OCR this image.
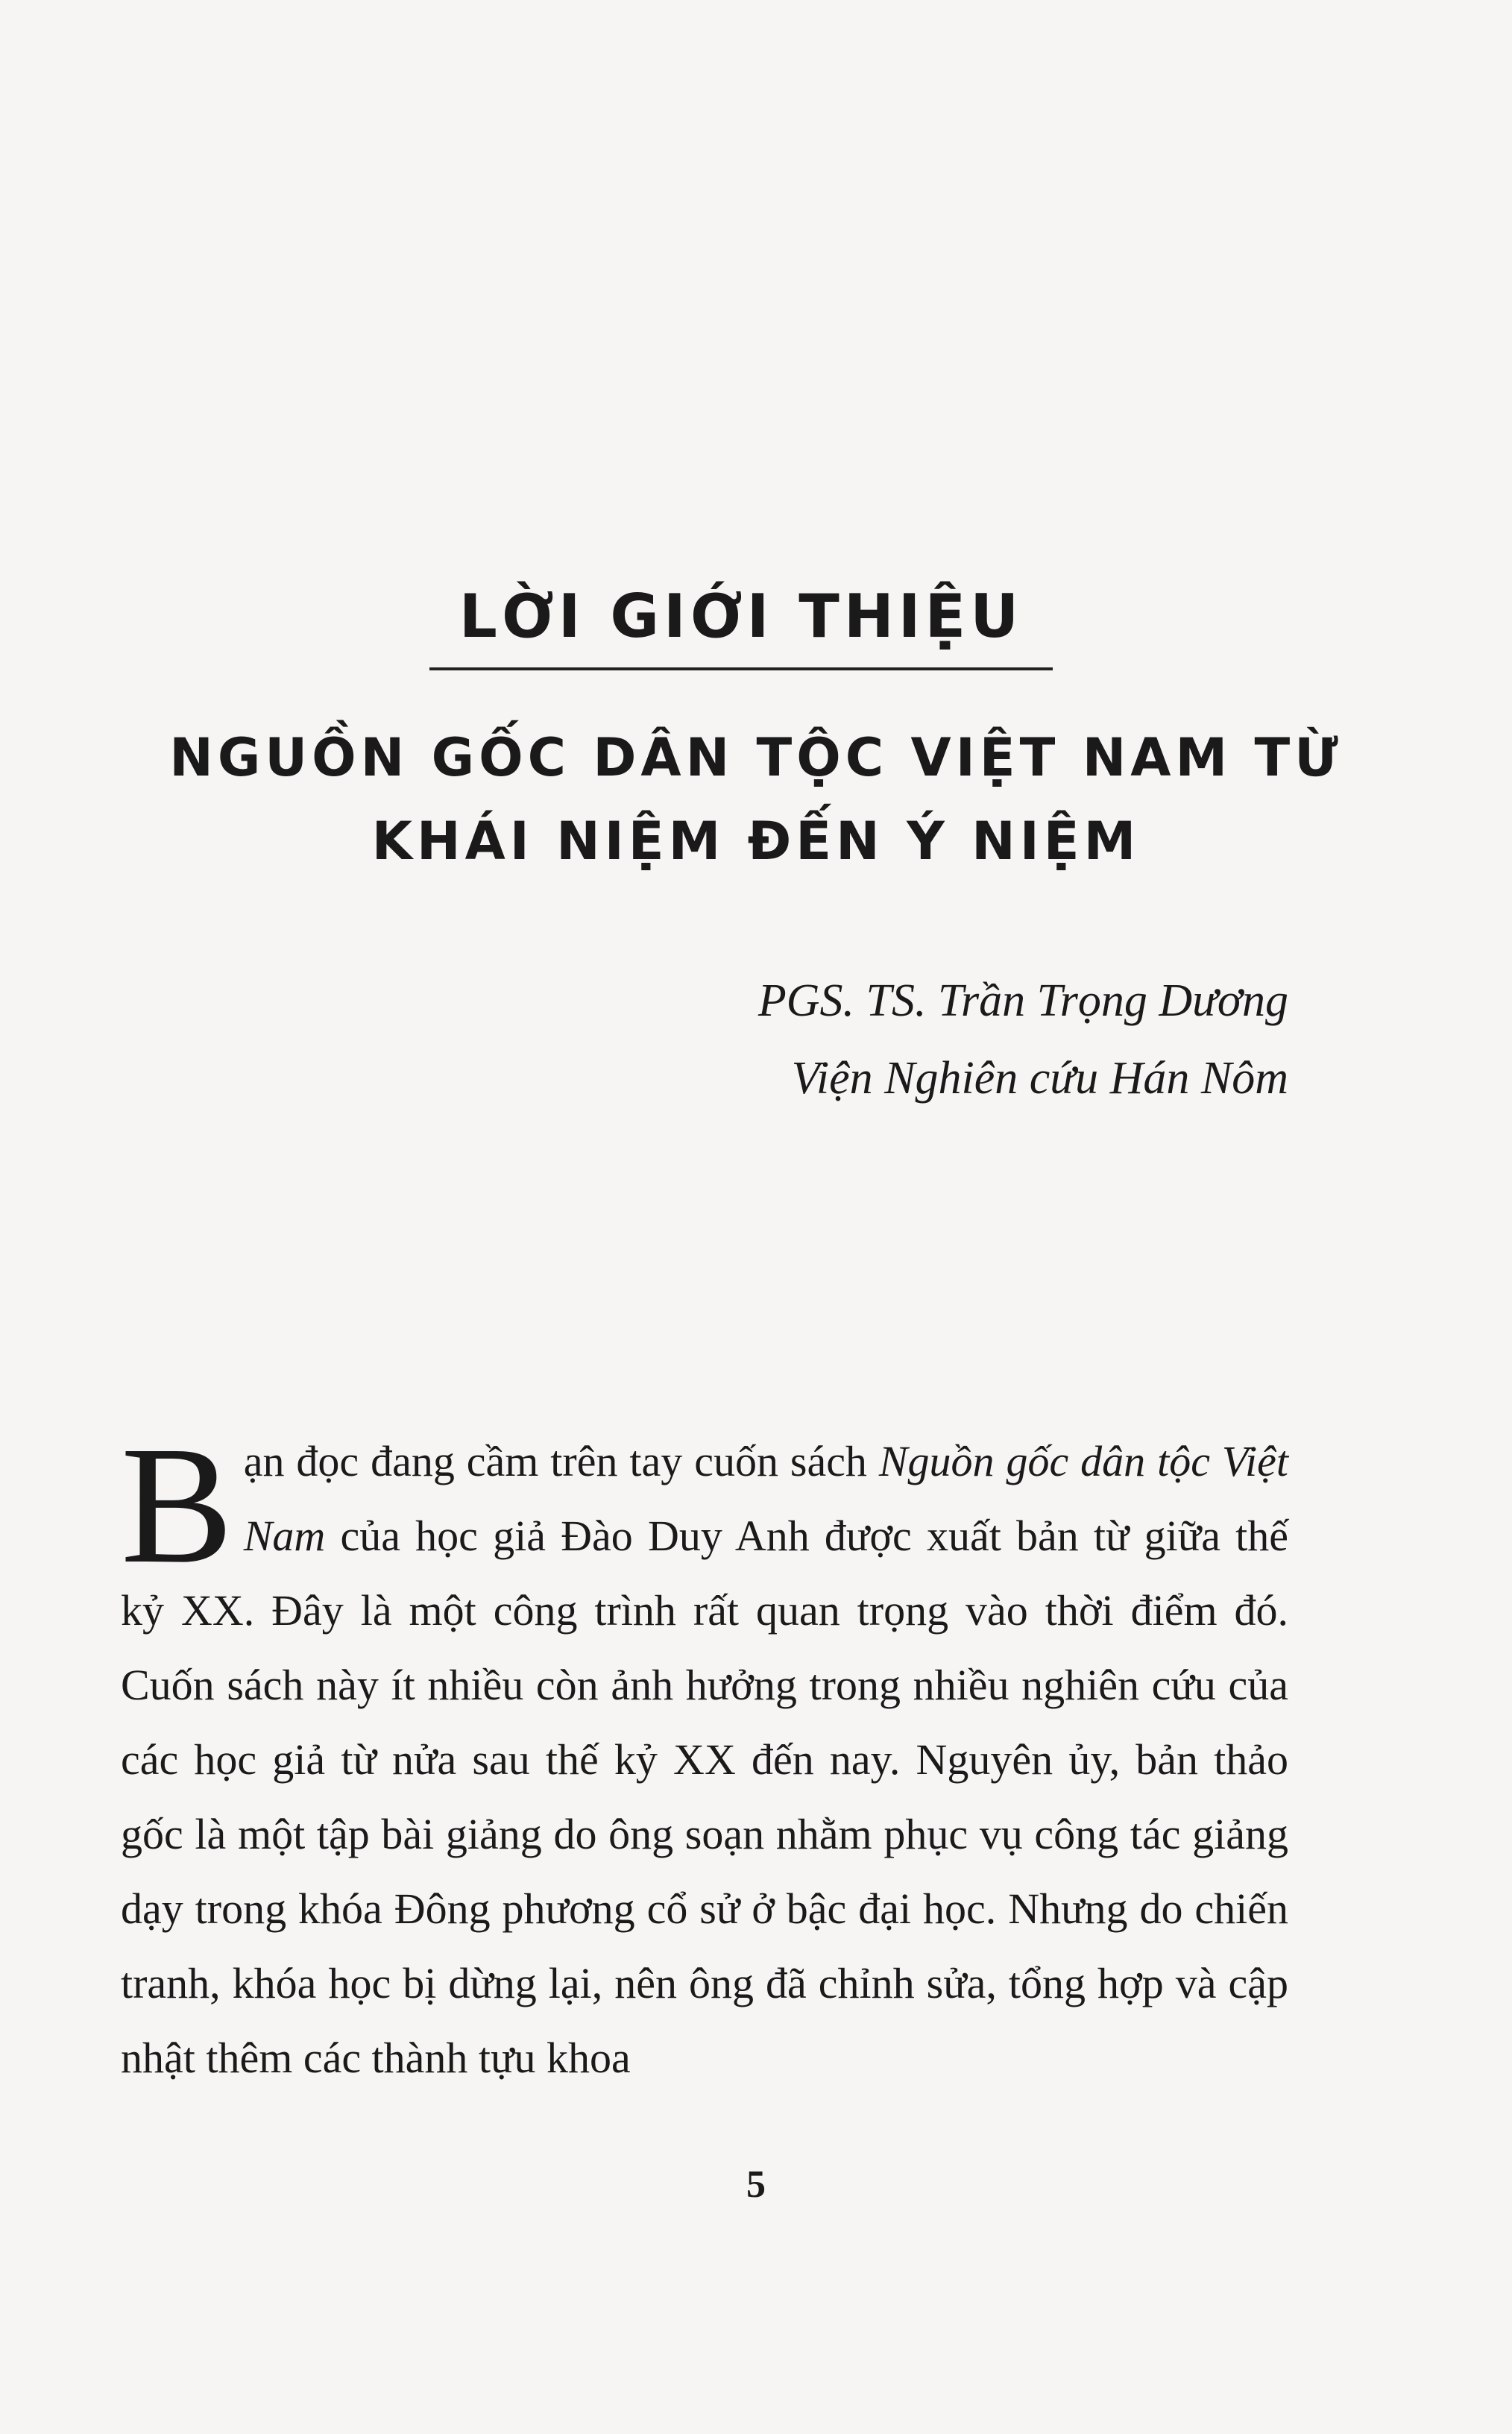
LỜI GIỚI THIỆU
NGUỒN GỐC DÂN TỘC VIỆT NAM TỪ
KHÁI NIỆM ĐẾN Ý NIỆM
PGS. TS. Trần Trọng Dương
Viện Nghiên cứu Hán Nôm
Bạn đọc đang cầm trên tay cuốn sách Nguồn gốc dân tộc Việt Nam của học giả Đào Duy Anh được xuất bản từ giữa thế kỷ XX. Đây là một công trình rất quan trọng vào thời điểm đó. Cuốn sách này ít nhiều còn ảnh hưởng trong nhiều nghiên cứu của các học giả từ nửa sau thế kỷ XX đến nay. Nguyên ủy, bản thảo gốc là một tập bài giảng do ông soạn nhằm phục vụ công tác giảng dạy trong khóa Đông phương cổ sử ở bậc đại học. Nhưng do chiến tranh, khóa học bị dừng lại, nên ông đã chỉnh sửa, tổng hợp và cập nhật thêm các thành tựu khoa
5
